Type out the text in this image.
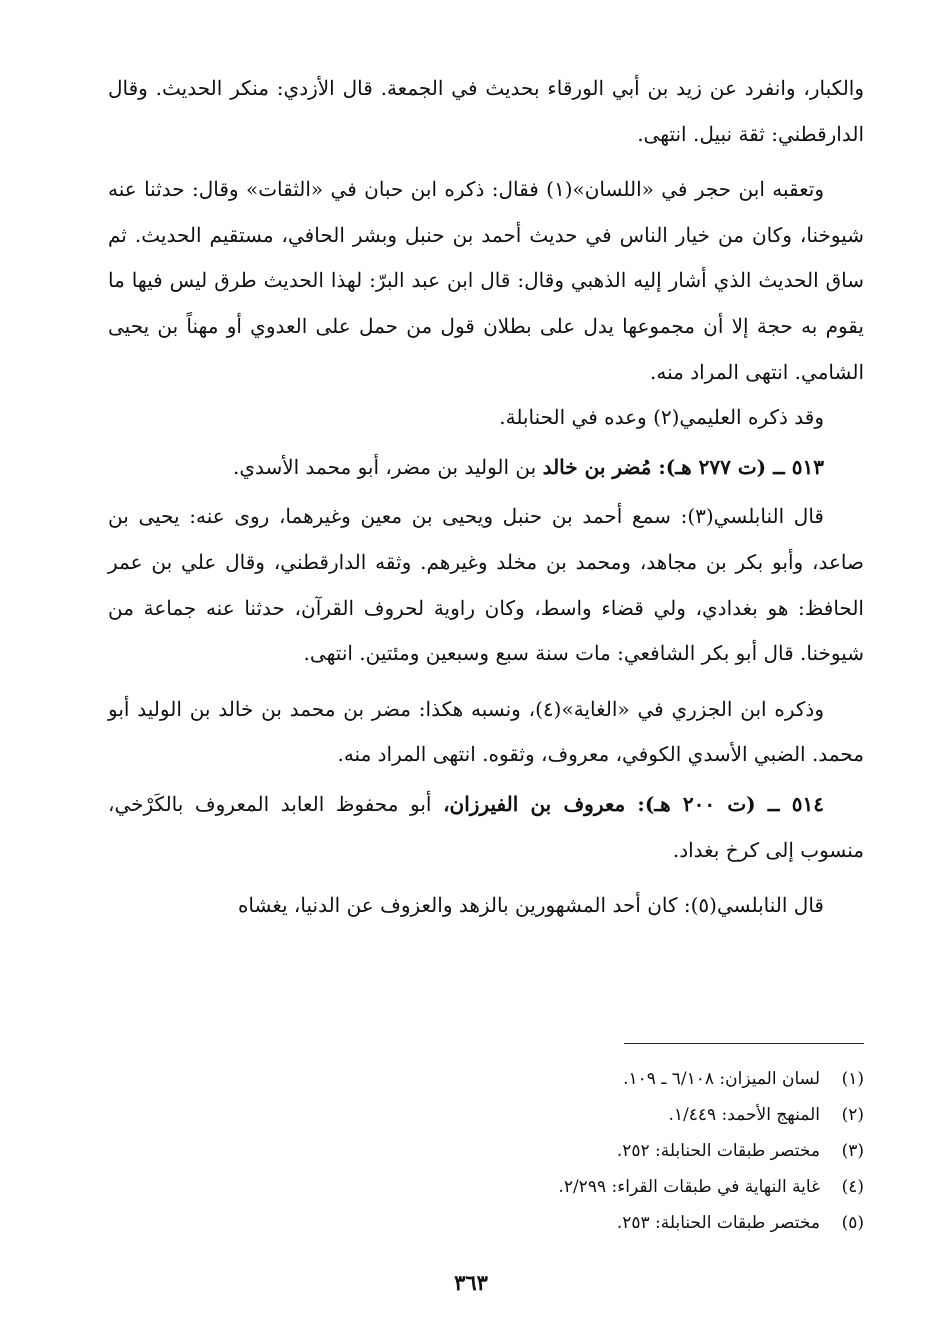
والكبار، وانفرد عن زيد بن أبي الورقاء بحديث في الجمعة. قال الأزدي: منكر الحديث. وقال الدارقطني: ثقة نبيل. انتهى.

وتعقبه ابن حجر في «اللسان»(١) فقال: ذكره ابن حبان في «الثقات» وقال: حدثنا عنه شيوخنا، وكان من خيار الناس في حديث أحمد بن حنبل وبشر الحافي، مستقيم الحديث. ثم ساق الحديث الذي أشار إليه الذهبي وقال: قال ابن عبد البرّ: لهذا الحديث طرق ليس فيها ما يقوم به حجة إلا أن مجموعها يدل على بطلان قول من حمل على العدوي أو مهناً بن يحيى الشامي. انتهى المراد منه.

وقد ذكره العليمي(٢) وعده في الحنابلة.

٥١٣ ــ (ت ٢٧٧ هـ): مُضر بن خالد بن الوليد بن مضر، أبو محمد الأسدي.

قال النابلسي(٣): سمع أحمد بن حنبل ويحيى بن معين وغيرهما، روى عنه: يحيى بن صاعد، وأبو بكر بن مجاهد، ومحمد بن مخلد وغيرهم. وثقه الدارقطني، وقال علي بن عمر الحافظ: هو بغدادي، ولي قضاء واسط، وكان راوية لحروف القرآن، حدثنا عنه جماعة من شيوخنا. قال أبو بكر الشافعي: مات سنة سبع وسبعين ومئتين. انتهى.

وذكره ابن الجزري في «الغاية»(٤)، ونسبه هكذا: مضر بن محمد بن خالد بن الوليد أبو محمد. الضبي الأسدي الكوفي، معروف، وثقوه. انتهى المراد منه.

٥١٤ ــ (ت ٢٠٠ هـ): معروف بن الفيرزان، أبو محفوظ العابد المعروف بالكَرْخي، منسوب إلى كرخ بغداد.

قال النابلسي(٥): كان أحد المشهورين بالزهد والعزوف عن الدنيا، يغشاه

(١)
لسان الميزان: ٦/١٠٨ ـ ١٠٩.
(٢)
المنهج الأحمد: ١/٤٤٩.
(٣)
مختصر طبقات الحنابلة: ٢٥٢.
(٤)
غاية النهاية في طبقات القراء: ٢/٢٩٩.
(٥)
مختصر طبقات الحنابلة: ٢٥٣.
٣٦٣
